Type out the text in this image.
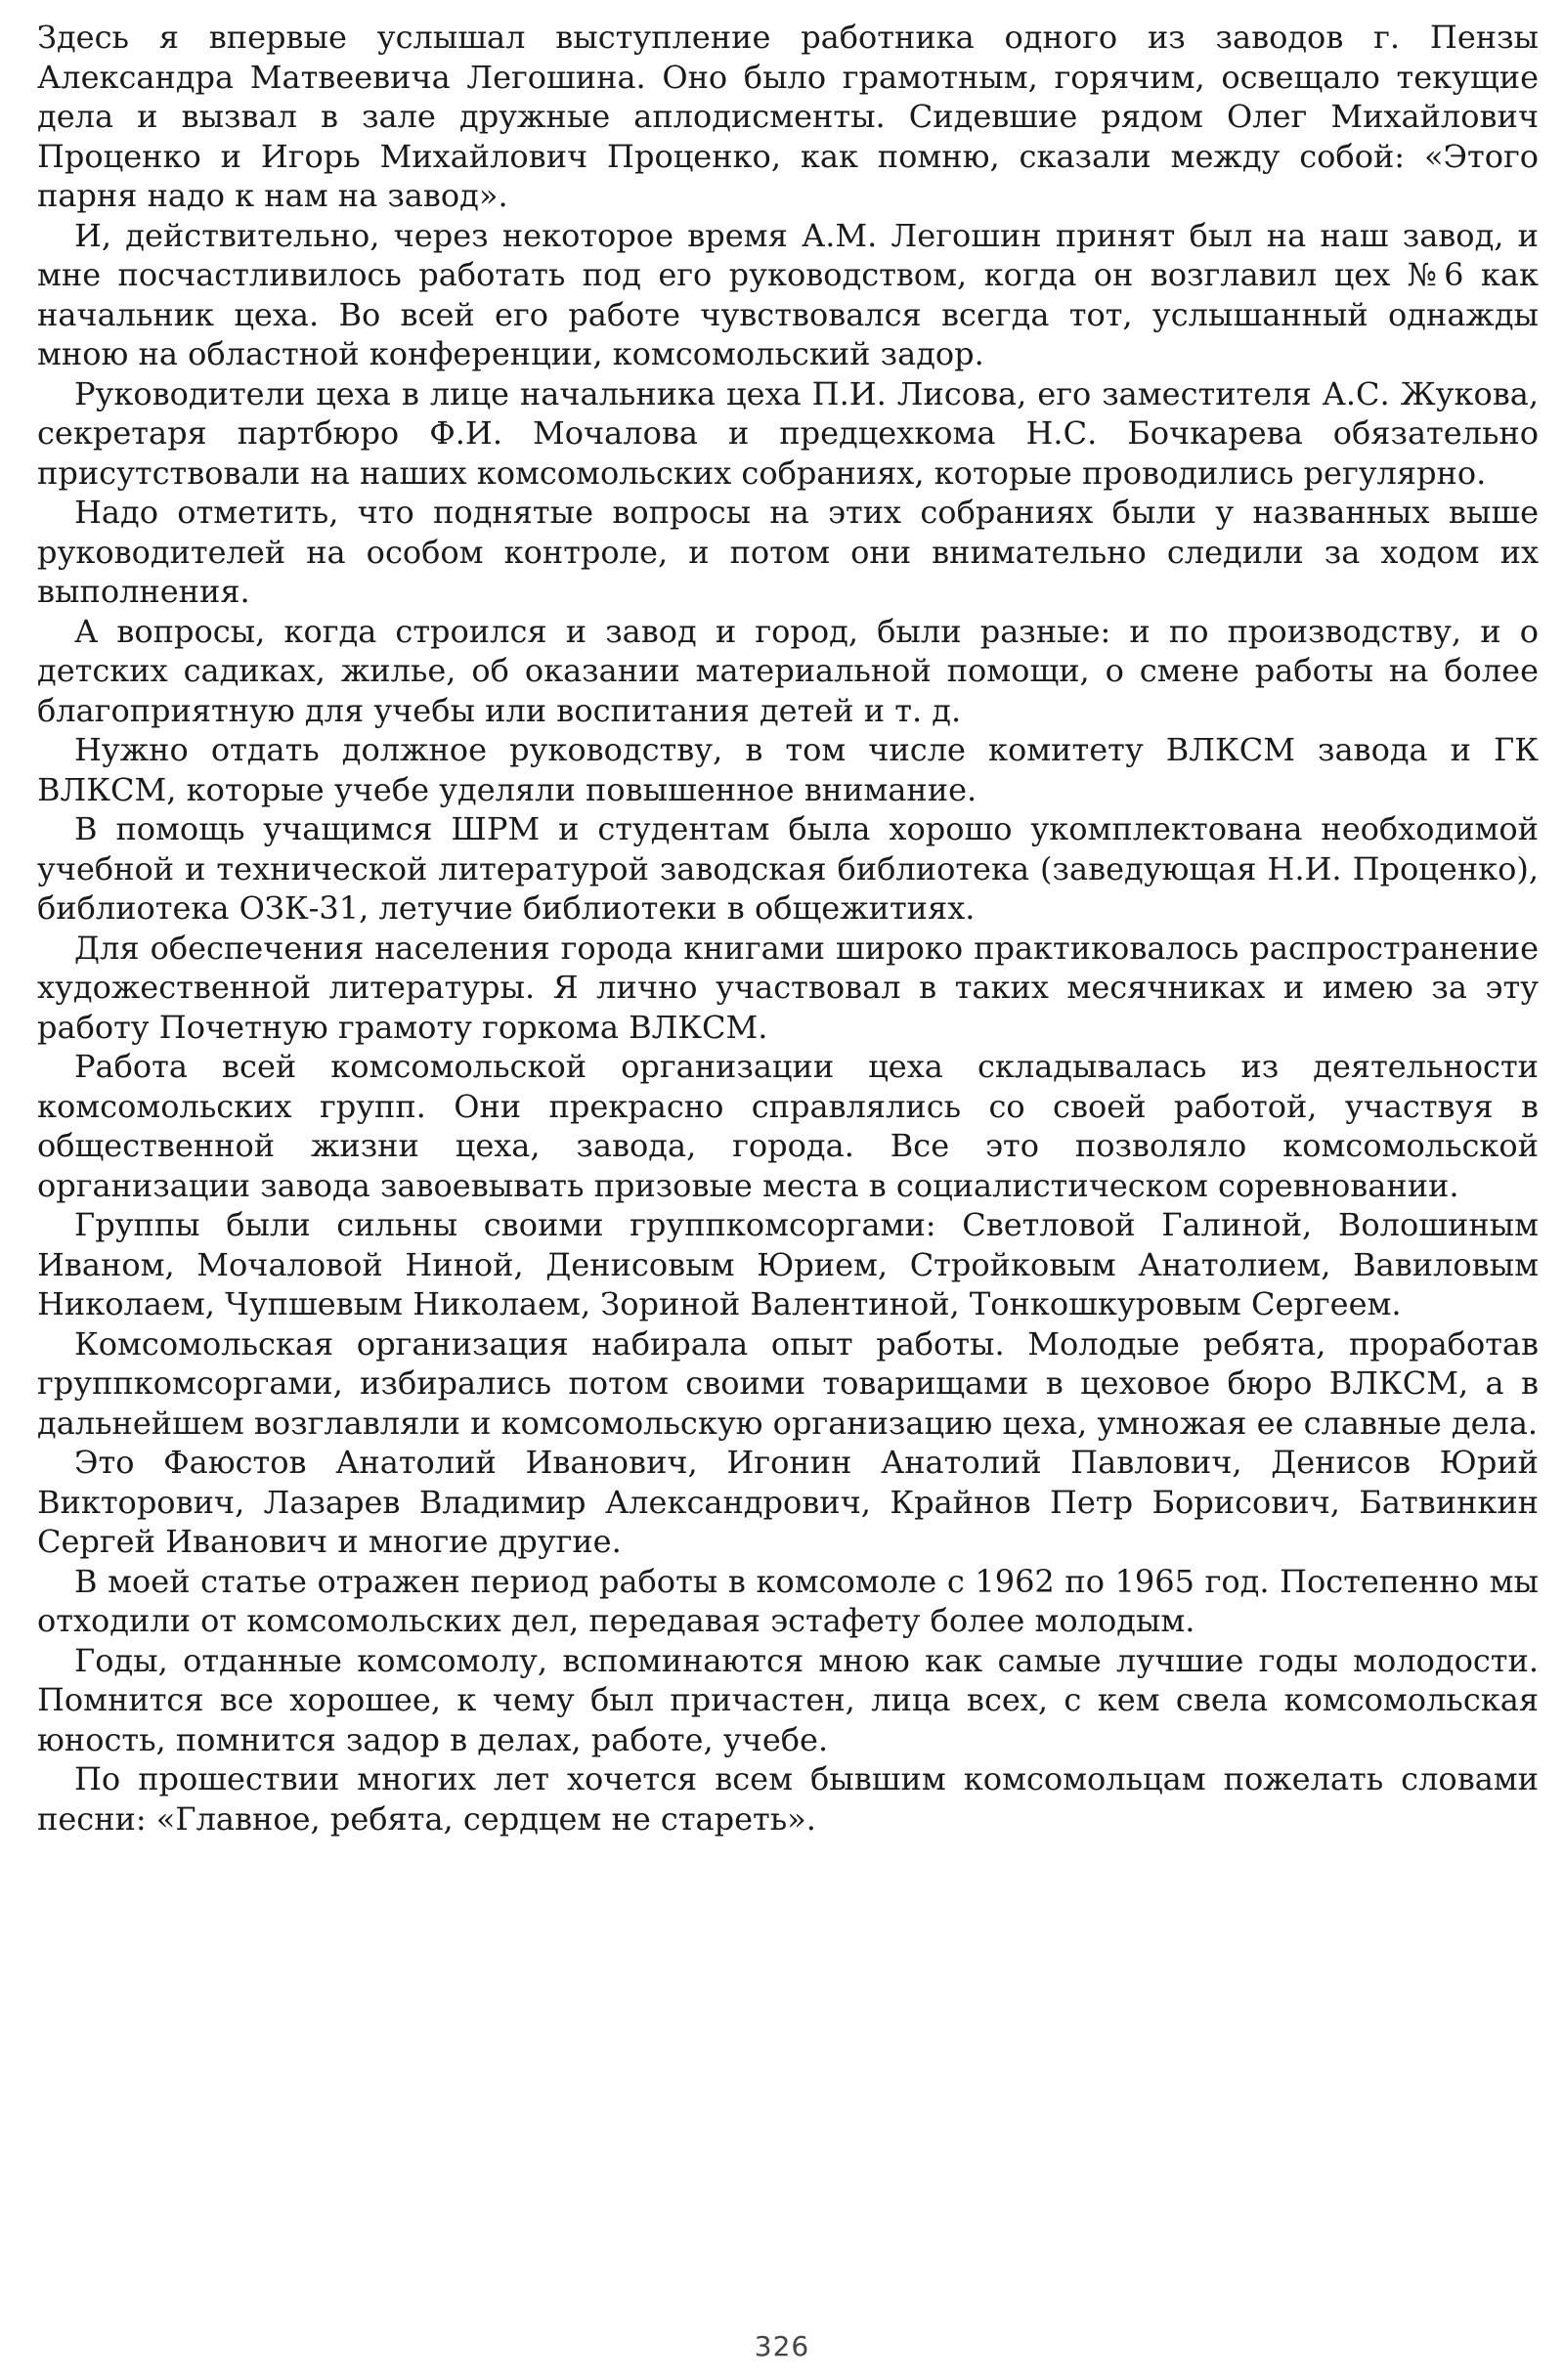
Здесь я впервые услышал выступление работника одного из заводов г. Пензы Александра Матвеевича Легошина. Оно было грамотным, горячим, освещало текущие дела и вызвал в зале дружные аплодисменты. Сидевшие рядом Олег Михайлович Проценко и Игорь Михайлович Проценко, как помню, сказали между собой: «Этого парня надо к нам на завод».

И, действительно, через некоторое время А.М. Легошин принят был на наш завод, и мне посчастливилось работать под его руководством, когда он возглавил цех №6 как начальник цеха. Во всей его работе чувствовался всегда тот, услышанный однажды мною на областной конференции, комсомольский задор.

Руководители цеха в лице начальника цеха П.И. Лисова, его заместителя А.С. Жукова, секретаря партбюро Ф.И. Мочалова и предцехкома Н.С. Бочкарева обязательно присутствовали на наших комсомольских собраниях, которые проводились регулярно.

Надо отметить, что поднятые вопросы на этих собраниях были у названных выше руководителей на особом контроле, и потом они внимательно следили за ходом их выполнения.

А вопросы, когда строился и завод и город, были разные: и по производству, и о детских садиках, жилье, об оказании материальной помощи, о смене работы на более благоприятную для учебы или воспитания детей и т. д.

Нужно отдать должное руководству, в том числе комитету ВЛКСМ завода и ГК ВЛКСМ, которые учебе уделяли повышенное внимание.

В помощь учащимся ШРМ и студентам была хорошо укомплектована необходимой учебной и технической литературой заводская библиотека (заведующая Н.И. Проценко), библиотека ОЗК-31, летучие библиотеки в общежитиях.

Для обеспечения населения города книгами широко практиковалось распространение художественной литературы. Я лично участвовал в таких месячниках и имею за эту работу Почетную грамоту горкома ВЛКСМ.

Работа всей комсомольской организации цеха складывалась из деятельности комсомольских групп. Они прекрасно справлялись со своей работой, участвуя в общественной жизни цеха, завода, города. Все это позволяло комсомольской организации завода завоевывать призовые места в социалистическом соревновании.

Группы были сильны своими группкомсоргами: Светловой Галиной, Волошиным Иваном, Мочаловой Ниной, Денисовым Юрием, Стройковым Анатолием, Вавиловым Николаем, Чупшевым Николаем, Зориной Валентиной, Тонкошкуровым Сергеем.

Комсомольская организация набирала опыт работы. Молодые ребята, проработав группкомсоргами, избирались потом своими товарищами в цеховое бюро ВЛКСМ, а в дальнейшем возглавляли и комсомольскую организацию цеха, умножая ее славные дела.

Это Фаюстов Анатолий Иванович, Игонин Анатолий Павлович, Денисов Юрий Викторович, Лазарев Владимир Александрович, Крайнов Петр Борисович, Батвинкин Сергей Иванович и многие другие.

В моей статье отражен период работы в комсомоле с 1962 по 1965 год. Постепенно мы отходили от комсомольских дел, передавая эстафету более молодым.

Годы, отданные комсомолу, вспоминаются мною как самые лучшие годы молодости. Помнится все хорошее, к чему был причастен, лица всех, с кем свела комсомольская юность, помнится задор в делах, работе, учебе.

По прошествии многих лет хочется всем бывшим комсомольцам пожелать словами песни: «Главное, ребята, сердцем не стареть».

326
